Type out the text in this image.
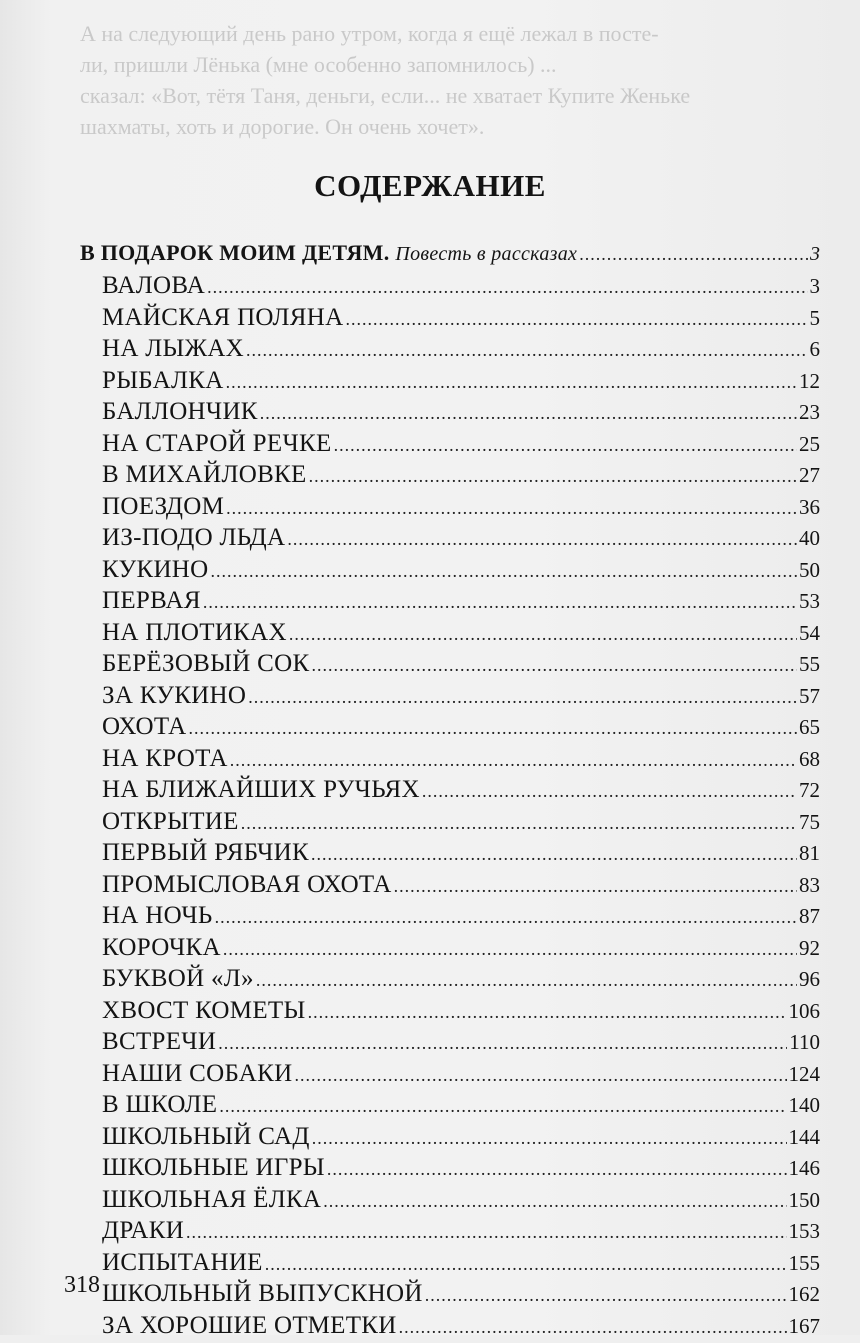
А на следующий день рано утром, когда я ещё лежал в посте-

ли, пришли Лёнька (мне особенно запомнилось) ...

сказал: «Вот, тётя Таня, деньги, если... не хватает Купите Женьке

шахматы, хоть и дорогие. Он очень хочет».

СОДЕРЖАНИЕ
В ПОДАРОК МОИМ ДЕТЯМ. Повесть в рассказах .....	3
ВАЛОВА .....	3
МАЙСКАЯ ПОЛЯНА .....	5
НА ЛЫЖАХ .....	6
РЫБАЛКА .....	12
БАЛЛОНЧИК .....	23
НА СТАРОЙ РЕЧКЕ .....	25
В МИХАЙЛОВКЕ .....	27
ПОЕЗДОМ .....	36
ИЗ-ПОДО ЛЬДА .....	40
КУКИНО .....	50
ПЕРВАЯ .....	53
НА ПЛОТИКАХ .....	54
БЕРЁЗОВЫЙ СОК .....	55
ЗА КУКИНО .....	57
ОХОТА .....	65
НА КРОТА .....	68
НА БЛИЖАЙШИХ РУЧЬЯХ .....	72
ОТКРЫТИЕ .....	75
ПЕРВЫЙ РЯБЧИК .....	81
ПРОМЫСЛОВАЯ ОХОТА .....	83
НА НОЧЬ .....	87
КОРОЧКА .....	92
БУКВОЙ «Л» .....	96
ХВОСТ КОМЕТЫ .....	106
ВСТРЕЧИ .....	110
НАШИ СОБАКИ .....	124
В ШКОЛЕ .....	140
ШКОЛЬНЫЙ САД .....	144
ШКОЛЬНЫЕ ИГРЫ .....	146
ШКОЛЬНАЯ ЁЛКА .....	150
ДРАКИ .....	153
ИСПЫТАНИЕ .....	155
ШКОЛЬНЫЙ ВЫПУСКНОЙ .....	162
ЗА ХОРОШИЕ ОТМЕТКИ .....	167
318
